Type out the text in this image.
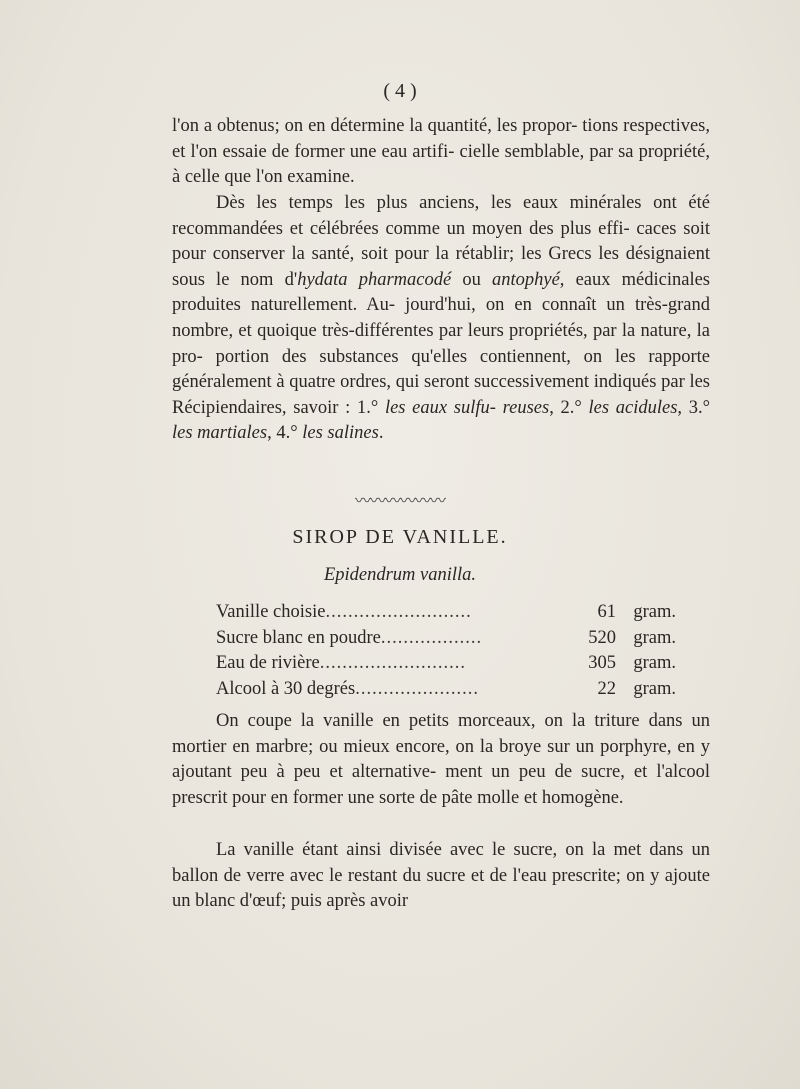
( 4 )

l'on a obtenus; on en détermine la quantité, les propor- tions respectives, et l'on essaie de former une eau artifi- cielle semblable, par sa propriété, à celle que l'on examine.

Dès les temps les plus anciens, les eaux minérales ont été recommandées et célébrées comme un moyen des plus effi- caces soit pour conserver la santé, soit pour la rétablir; les Grecs les désignaient sous le nom d'hydata pharmacodé ou antophyé, eaux médicinales produites naturellement. Au- jourd'hui, on en connaît un très-grand nombre, et quoique très-différentes par leurs propriétés, par la nature, la pro- portion des substances qu'elles contiennent, on les rapporte généralement à quatre ordres, qui seront successivement indiqués par les Récipiendaires, savoir : 1.° les eaux sulfu- reuses, 2.° les acidules, 3.° les martiales, 4.° les salines.

〰〰〰〰〰〰
SIROP DE VANILLE.
Epidendrum vanilla.
Vanille choisie ..........................	61 gram.
Sucre blanc en poudre ..................	520 gram.
Eau de rivière ..........................	305 gram.
Alcool à 30 degrés ......................	22 gram.

On coupe la vanille en petits morceaux, on la triture dans un mortier en marbre; ou mieux encore, on la broye sur un porphyre, en y ajoutant peu à peu et alternative- ment un peu de sucre, et l'alcool prescrit pour en former une sorte de pâte molle et homogène.

La vanille étant ainsi divisée avec le sucre, on la met dans un ballon de verre avec le restant du sucre et de l'eau prescrite; on y ajoute un blanc d'œuf; puis après avoir
